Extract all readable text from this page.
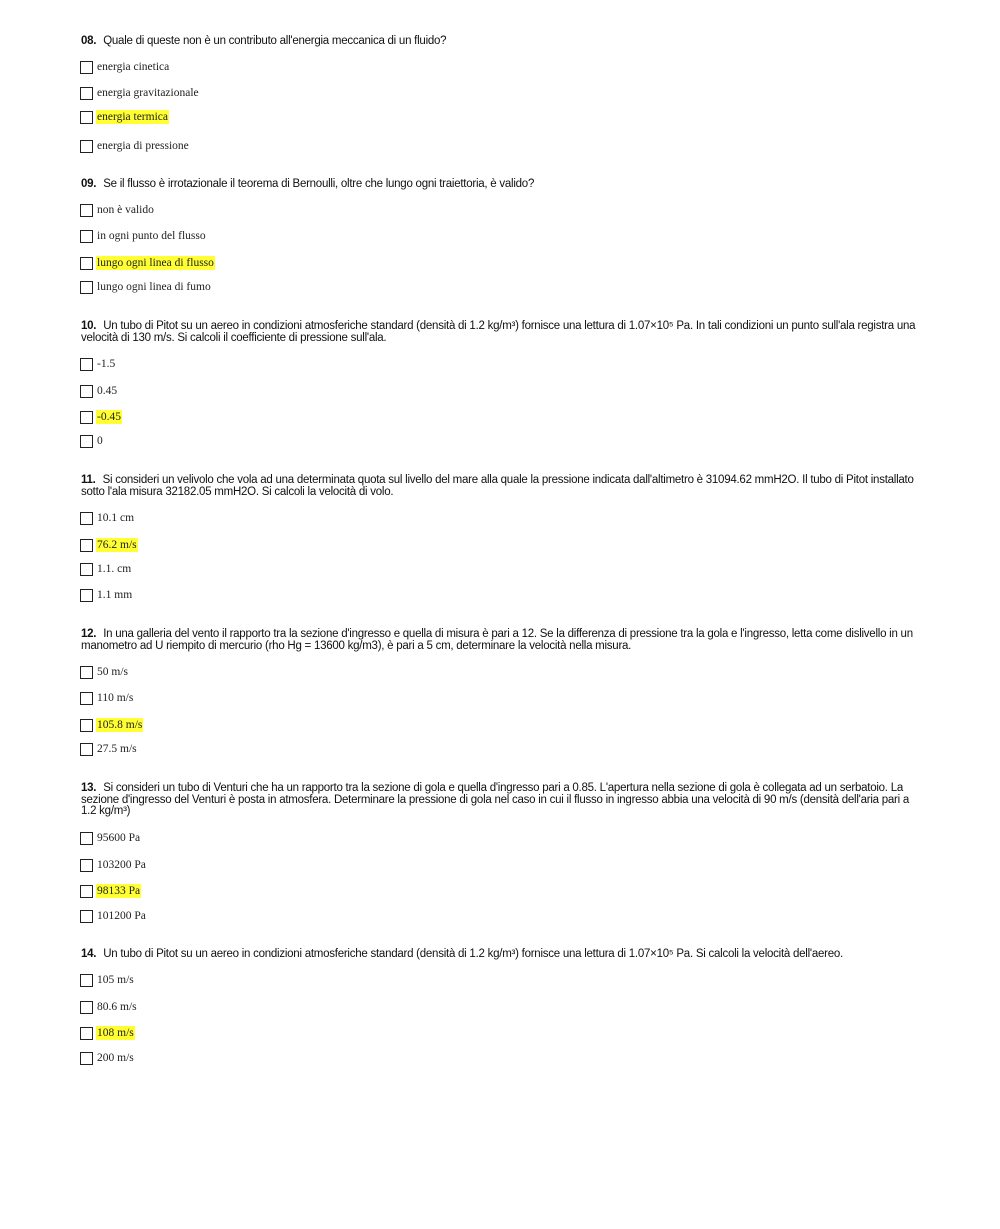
08. Quale di queste non è un contributo all'energia meccanica di un fluido?
energia cinetica
energia gravitazionale
energia termica
energia di pressione
09. Se il flusso è irrotazionale il teorema di Bernoulli, oltre che lungo ogni traiettoria, è valido?
non è valido
in ogni punto del flusso
lungo ogni linea di flusso
lungo ogni linea di fumo
10. Un tubo di Pitot su un aereo in condizioni atmosferiche standard (densità di 1.2 kg/m³) fornisce una lettura di 1.07×10⁵ Pa. In tali condizioni un punto sull'ala registra una velocità di 130 m/s. Si calcoli il coefficiente di pressione sull'ala.
-1.5
0.45
-0.45
0
11. Si consideri un velivolo che vola ad una determinata quota sul livello del mare alla quale la pressione indicata dall'altimetro è 31094.62 mmH2O. Il tubo di Pitot installato sotto l'ala misura 32182.05 mmH2O. Si calcoli la velocità di volo.
10.1 cm
76.2 m/s
1.1. cm
1.1 mm
12. In una galleria del vento il rapporto tra la sezione d'ingresso e quella di misura è pari a 12. Se la differenza di pressione tra la gola e l'ingresso, letta come dislivello in un manometro ad U riempito di mercurio (rho Hg = 13600 kg/m3), è pari a 5 cm, determinare la velocità nella misura.
50 m/s
110 m/s
105.8 m/s
27.5 m/s
13. Si consideri un tubo di Venturi che ha un rapporto tra la sezione di gola e quella d'ingresso pari a 0.85. L'apertura nella sezione di gola è collegata ad un serbatoio. La sezione d'ingresso del Venturi è posta in atmosfera. Determinare la pressione di gola nel caso in cui il flusso in ingresso abbia una velocità di 90 m/s (densità dell'aria pari a 1.2 kg/m³)
95600 Pa
103200 Pa
98133 Pa
101200 Pa
14. Un tubo di Pitot su un aereo in condizioni atmosferiche standard (densità di 1.2 kg/m³) fornisce una lettura di 1.07×10⁵ Pa. Si calcoli la velocità dell'aereo.
105 m/s
80.6 m/s
108 m/s
200 m/s
